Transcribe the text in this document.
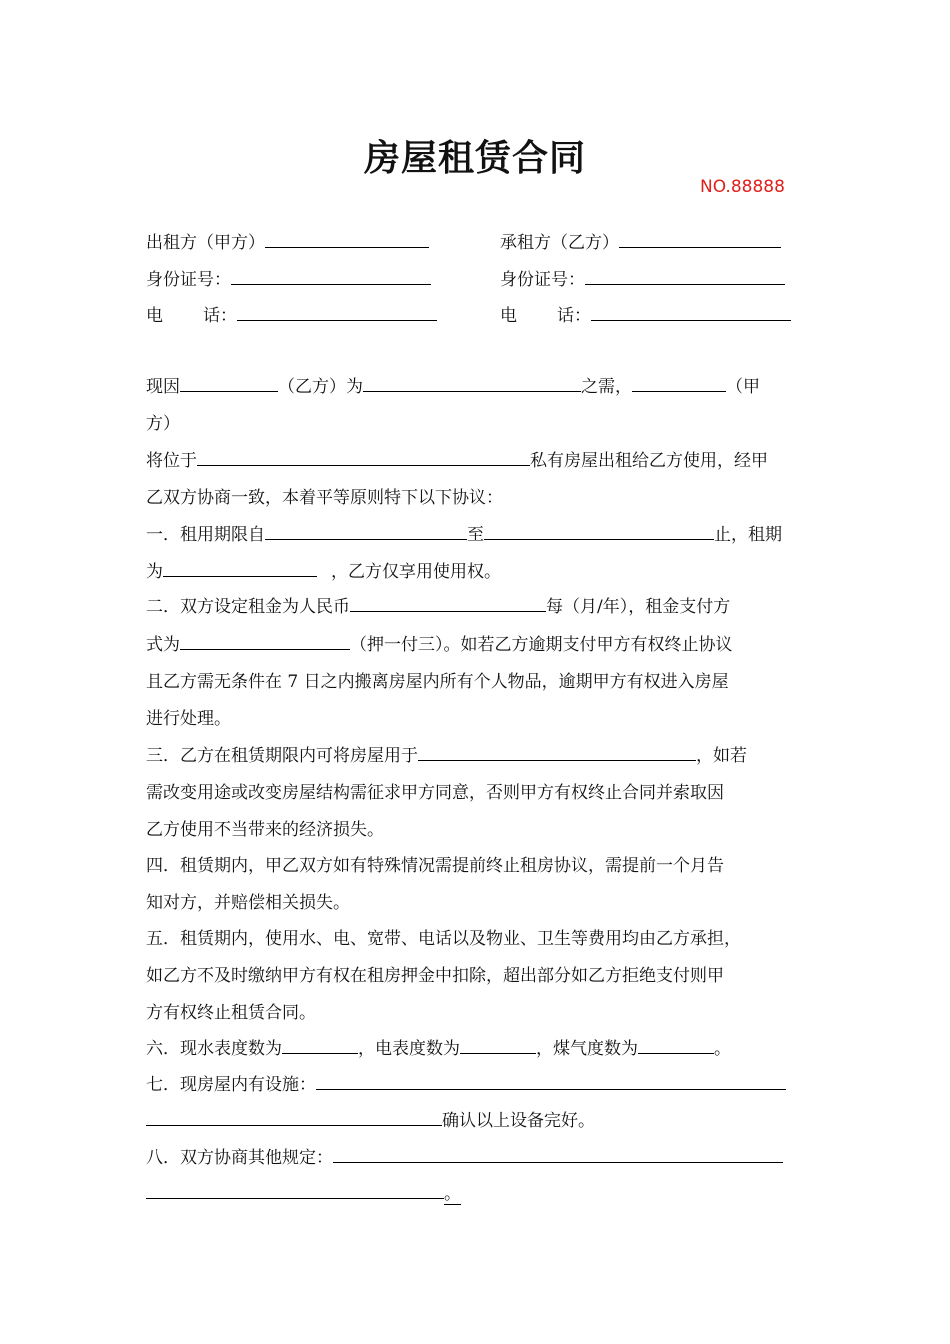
房屋租赁合同
NO.88888
出租方（甲方）	承租方（乙方）
身份证号：	身份证号：
电 话：	电 话：
现因	（乙方）为	之需，	（甲
方）
将位于	私有房屋出租给乙方使用，经甲
乙双方协商一致，本着平等原则特下以下协议：
一．租用期限自	至	止，租期
为	，乙方仅享用使用权。
二．双方设定租金为人民币	每（月/年），租金支付方
式为	（押一付三）。如若乙方逾期支付甲方有权终止协议
且乙方需无条件在 7 日之内搬离房屋内所有个人物品，逾期甲方有权进入房屋
进行处理。
三．乙方在租赁期限内可将房屋用于	，如若
需改变用途或改变房屋结构需征求甲方同意，否则甲方有权终止合同并索取因
乙方使用不当带来的经济损失。
四．租赁期内，甲乙双方如有特殊情况需提前终止租房协议，需提前一个月告
知对方，并赔偿相关损失。
五．租赁期内，使用水、电、宽带、电话以及物业、卫生等费用均由乙方承担，
如乙方不及时缴纳甲方有权在租房押金中扣除，超出部分如乙方拒绝支付则甲
方有权终止租赁合同。
六．现水表度数为	，电表度数为	，煤气度数为	。
七．现房屋内有设施：
确认以上设备完好。
八．双方协商其他规定：
。
